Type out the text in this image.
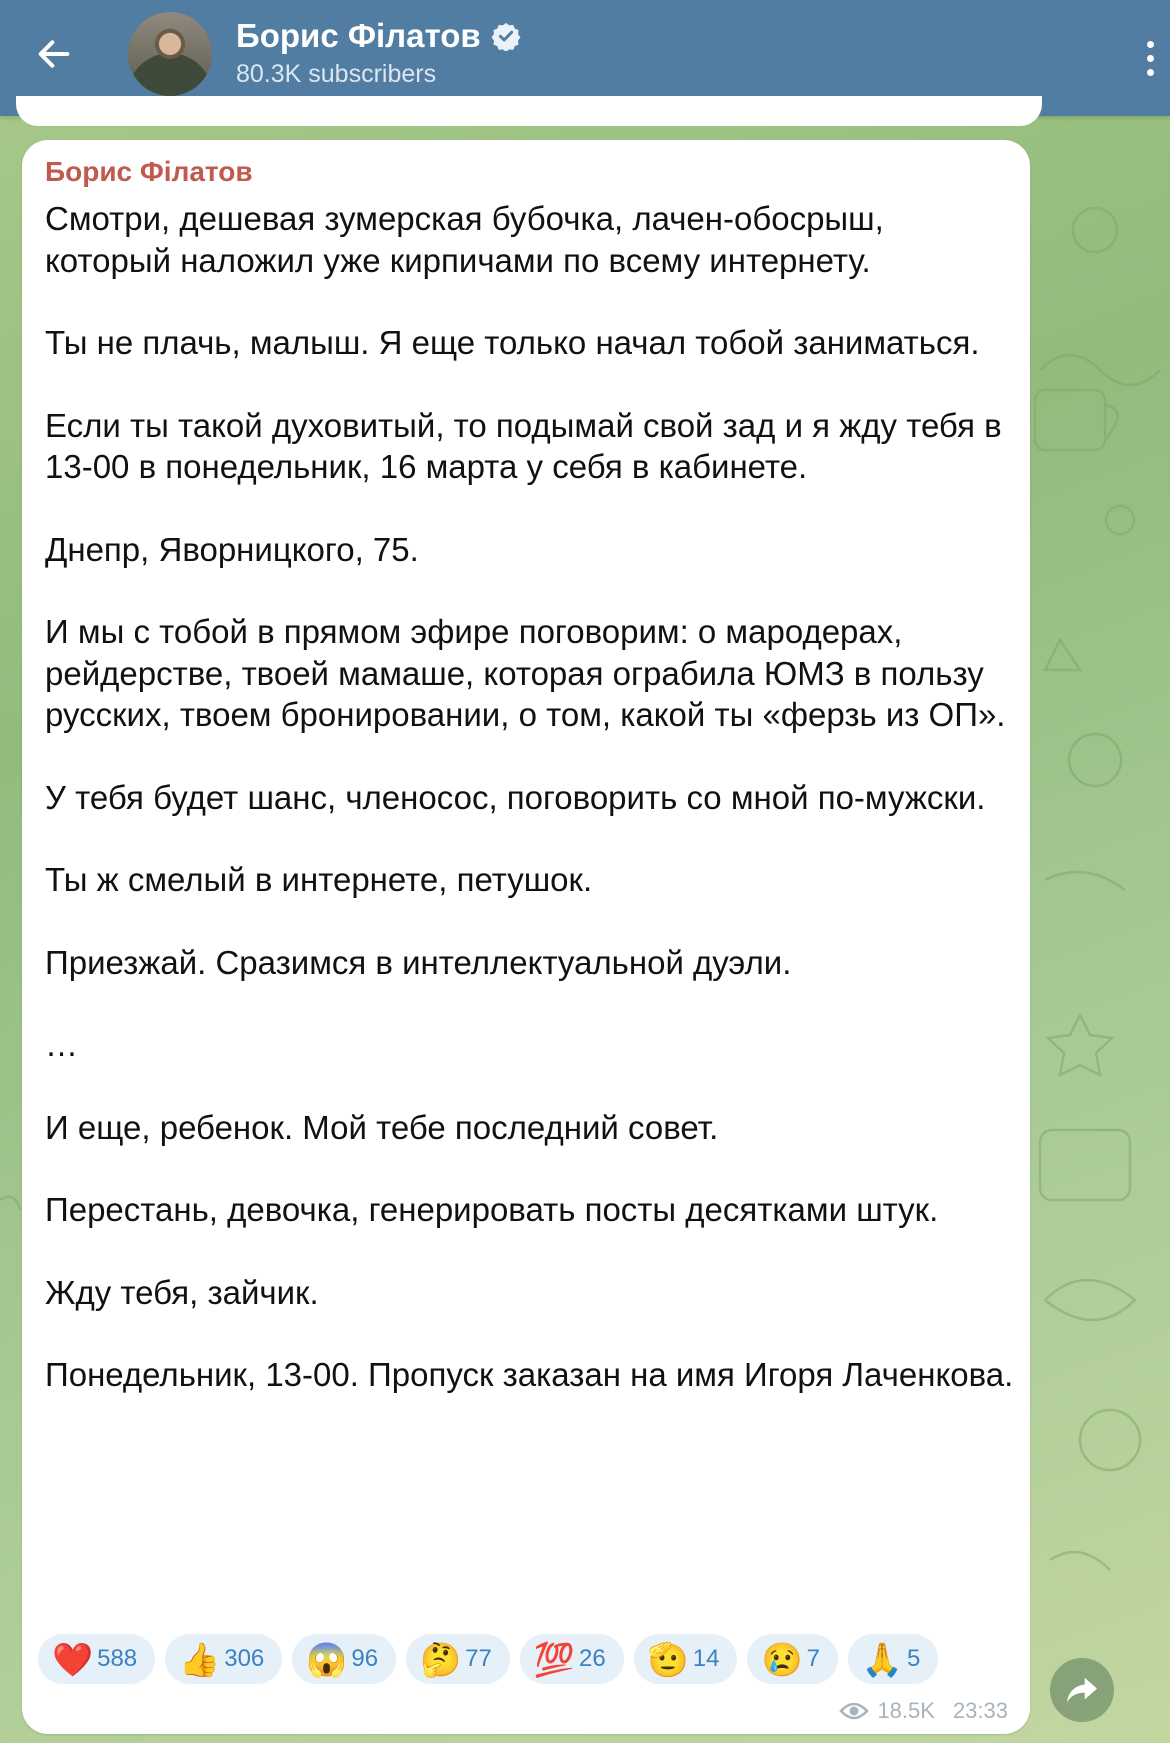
Борис Філатов
80.3K subscribers
Борис Філатов

Смотри, дешевая зумерская бубочка, лачен-обосрыш, который наложил уже кирпичами по всему интернету.

Ты не плачь, малыш. Я еще только начал тобой заниматься.

Если ты такой духовитый, то подымай свой зад и я жду тебя в 13-00 в понедельник, 16 марта у себя в кабинете.

Днепр, Яворницкого, 75.

И мы с тобой в прямом эфире поговорим: о мародерах, рейдерстве, твоей мамаше, которая ограбила ЮМЗ в пользу русских, твоем бронировании, о том, какой ты «ферзь из ОП».

У тебя будет шанс, членосос, поговорить со мной по-мужски.

Ты ж смелый в интернете, петушок.

Приезжай. Сразимся в интеллектуальной дуэли.

…

И еще, ребенок. Мой тебе последний совет.

Перестань, девочка, генерировать посты десятками штук.

Жду тебя, зайчик.

Понедельник, 13-00. Пропуск заказан на имя Игоря Лаченкова.

❤️ 588 👍 306 😱 96 🤔 77 💯 26 🫡 14 😢 7 🙏 5
18.5K 23:33
